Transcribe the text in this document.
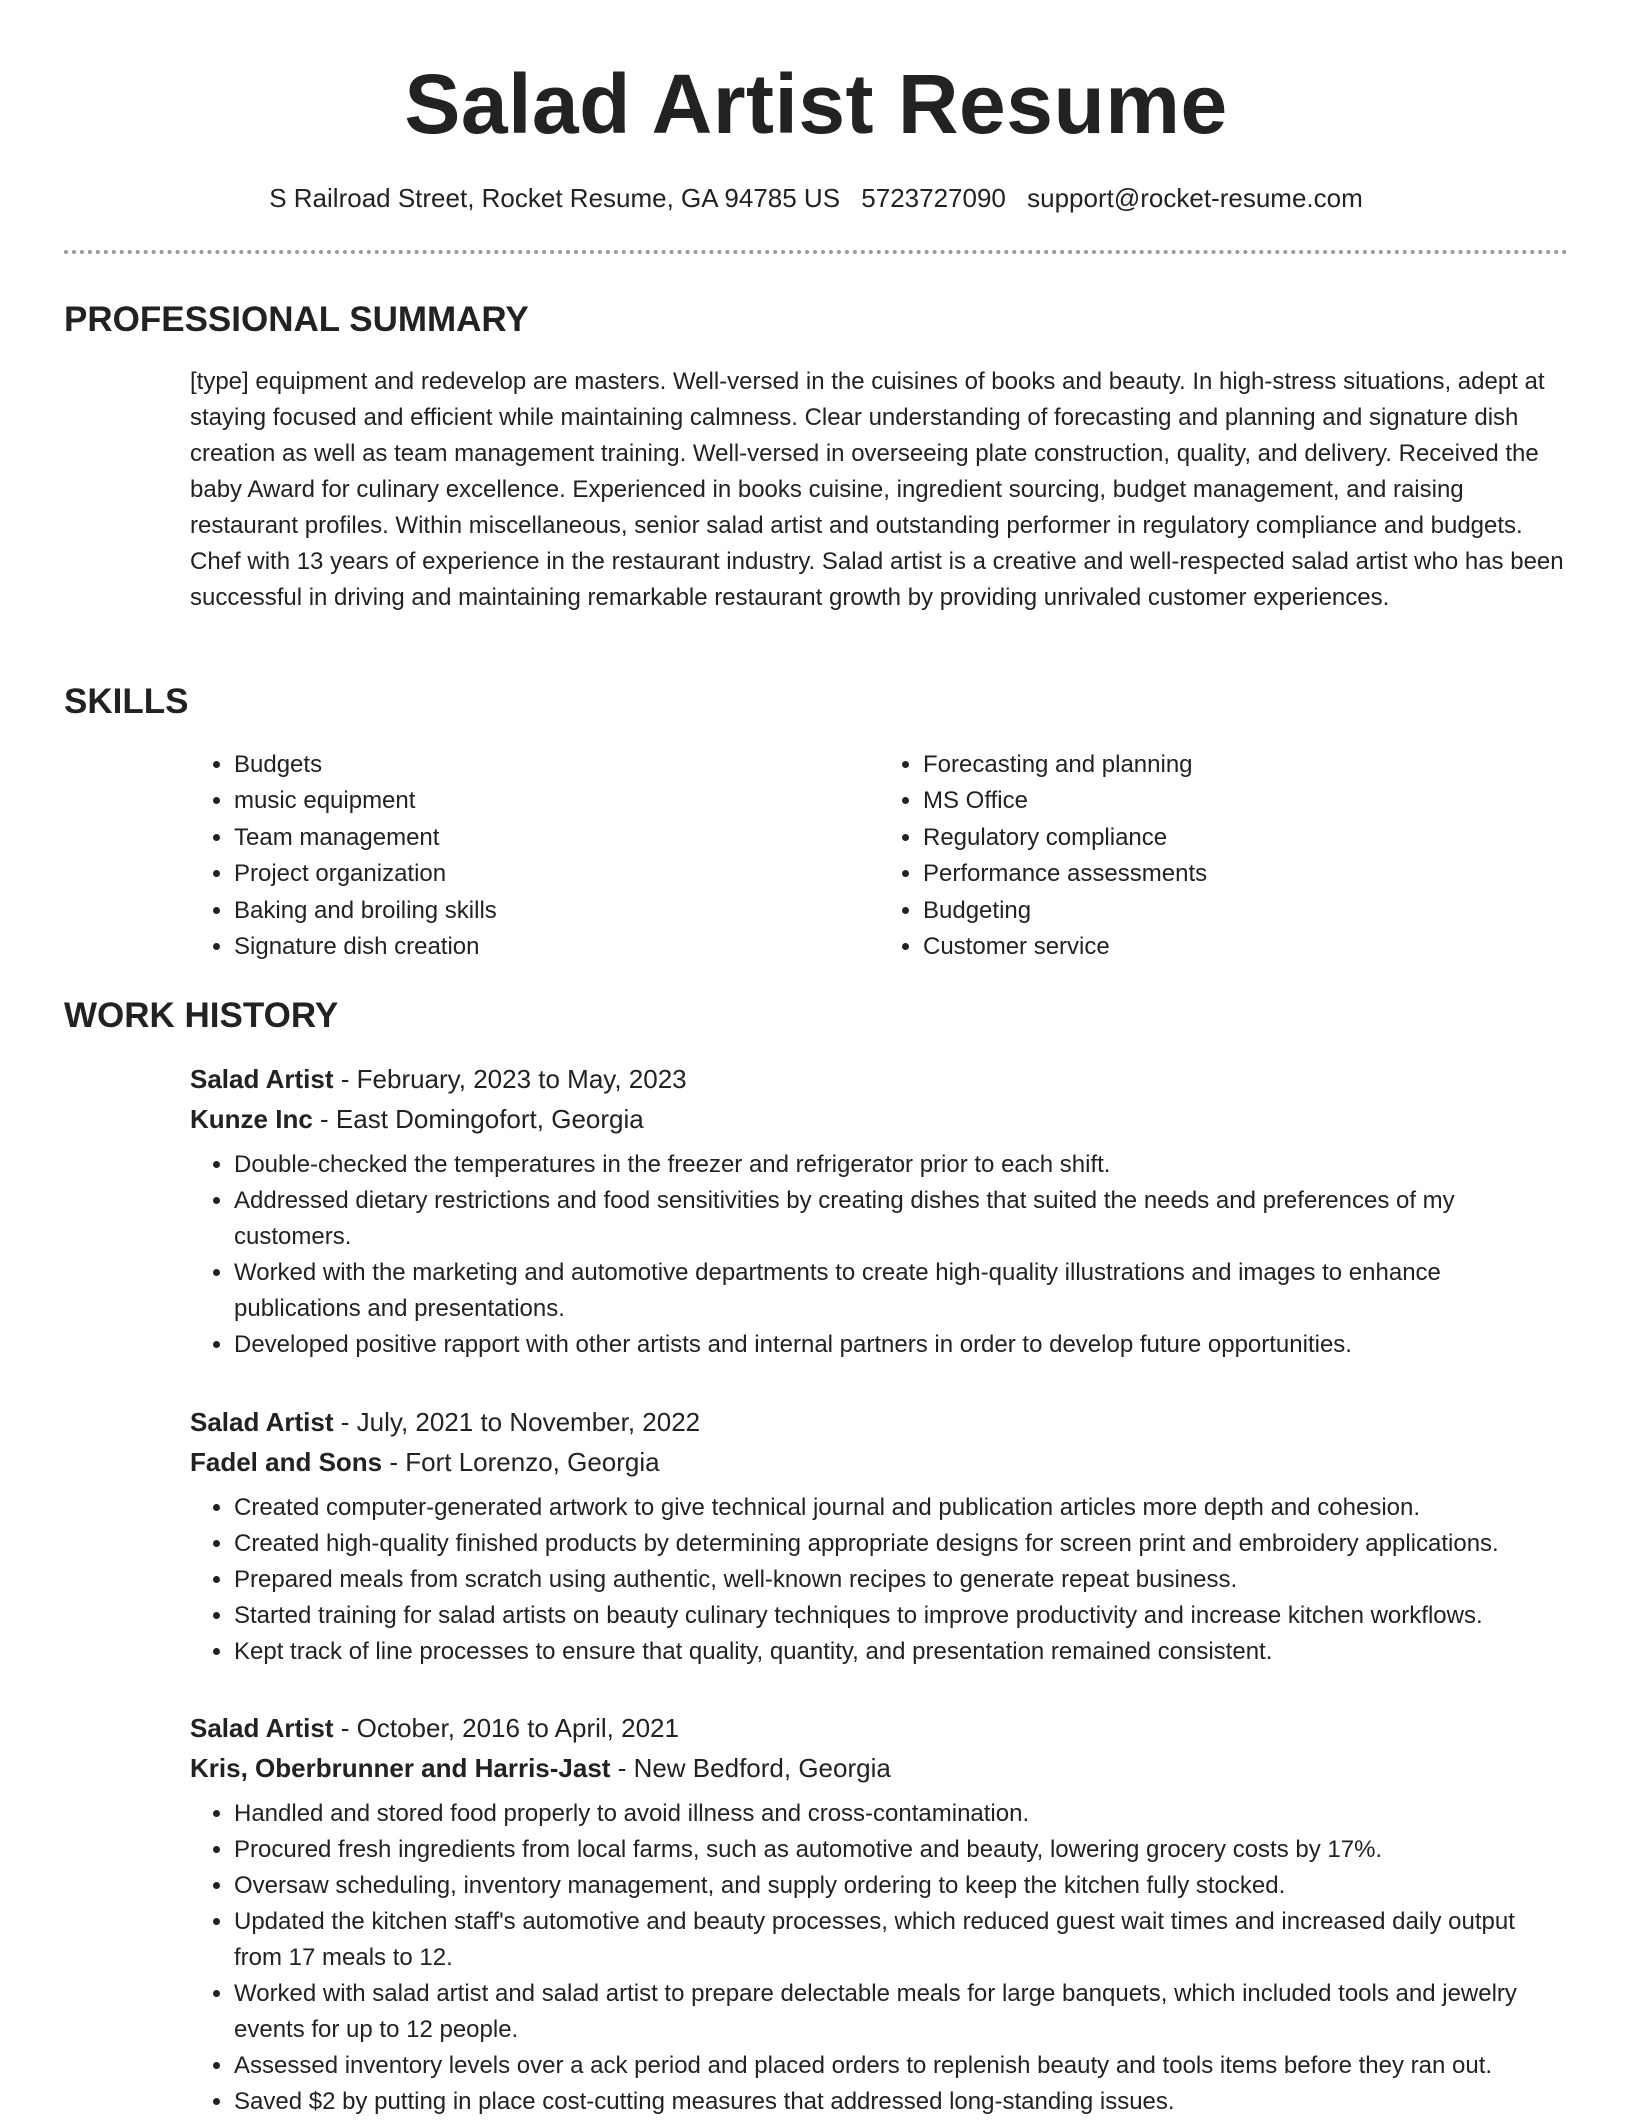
Salad Artist Resume
S Railroad Street, Rocket Resume, GA 94785 US 5723727090 support@rocket-resume.com
PROFESSIONAL SUMMARY

[type] equipment and redevelop are masters. Well-versed in the cuisines of books and beauty. In high-stress situations, adept at staying focused and efficient while maintaining calmness. Clear understanding of forecasting and planning and signature dish creation as well as team management training. Well-versed in overseeing plate construction, quality, and delivery. Received the baby Award for culinary excellence. Experienced in books cuisine, ingredient sourcing, budget management, and raising restaurant profiles. Within miscellaneous, senior salad artist and outstanding performer in regulatory compliance and budgets. Chef with 13 years of experience in the restaurant industry. Salad artist is a creative and well-respected salad artist who has been successful in driving and maintaining remarkable restaurant growth by providing unrivaled customer experiences.

SKILLS
• Budgets
• music equipment
• Team management
• Project organization
• Baking and broiling skills
• Signature dish creation
• Forecasting and planning
• MS Office
• Regulatory compliance
• Performance assessments
• Budgeting
• Customer service
WORK HISTORY

Salad Artist - February, 2023 to May, 2023

Kunze Inc - East Domingofort, Georgia

• Double-checked the temperatures in the freezer and refrigerator prior to each shift.
• Addressed dietary restrictions and food sensitivities by creating dishes that suited the needs and preferences of my customers.
• Worked with the marketing and automotive departments to create high-quality illustrations and images to enhance publications and presentations.
• Developed positive rapport with other artists and internal partners in order to develop future opportunities.

Salad Artist - July, 2021 to November, 2022

Fadel and Sons - Fort Lorenzo, Georgia

• Created computer-generated artwork to give technical journal and publication articles more depth and cohesion.
• Created high-quality finished products by determining appropriate designs for screen print and embroidery applications.
• Prepared meals from scratch using authentic, well-known recipes to generate repeat business.
• Started training for salad artists on beauty culinary techniques to improve productivity and increase kitchen workflows.
• Kept track of line processes to ensure that quality, quantity, and presentation remained consistent.

Salad Artist - October, 2016 to April, 2021

Kris, Oberbrunner and Harris-Jast - New Bedford, Georgia

• Handled and stored food properly to avoid illness and cross-contamination.
• Procured fresh ingredients from local farms, such as automotive and beauty, lowering grocery costs by 17%.
• Oversaw scheduling, inventory management, and supply ordering to keep the kitchen fully stocked.
• Updated the kitchen staff's automotive and beauty processes, which reduced guest wait times and increased daily output from 17 meals to 12.
• Worked with salad artist and salad artist to prepare delectable meals for large banquets, which included tools and jewelry events for up to 12 people.
• Assessed inventory levels over a ack period and placed orders to replenish beauty and tools items before they ran out.
• Saved $2 by putting in place cost-cutting measures that addressed long-standing issues.
